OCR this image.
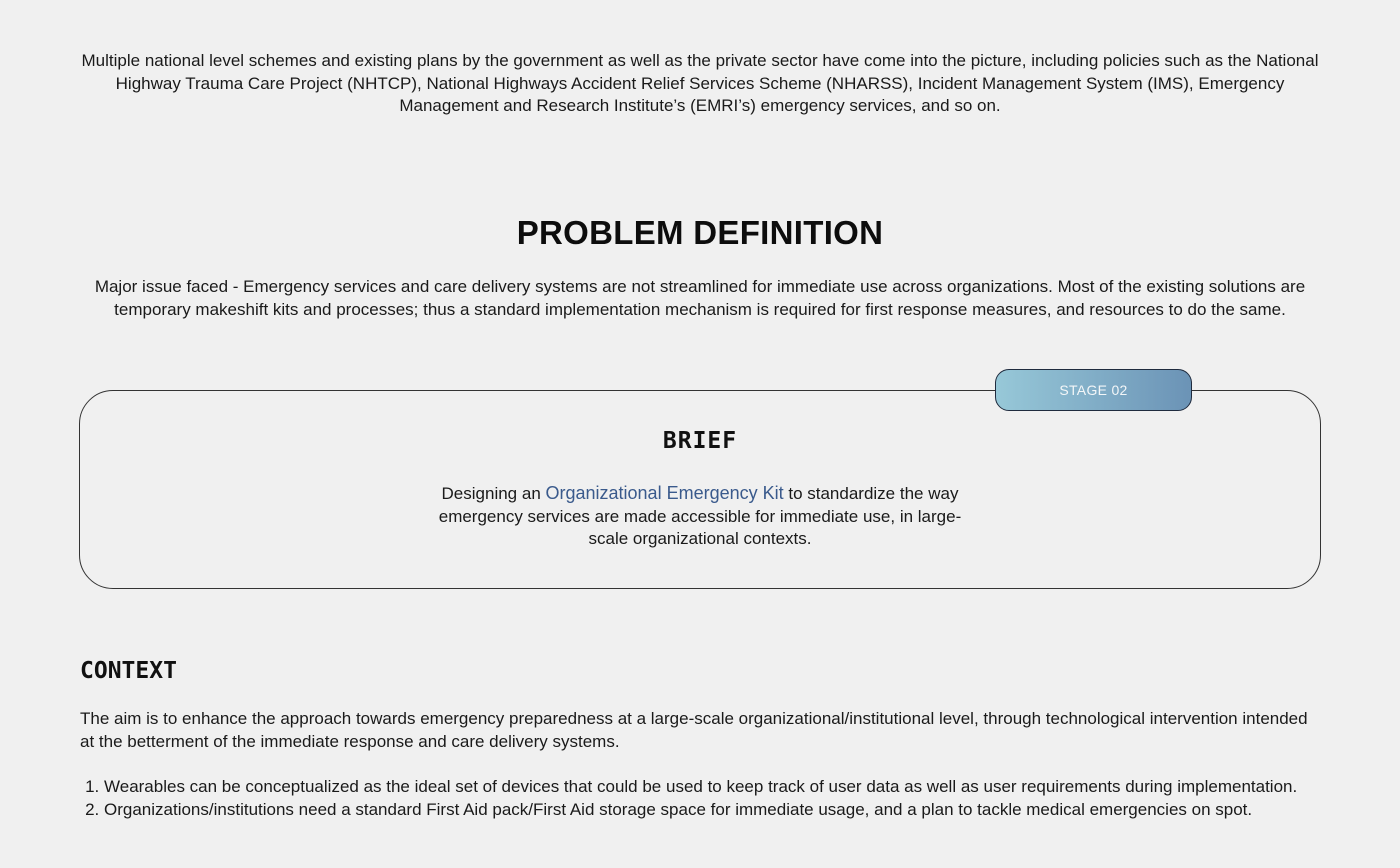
Multiple national level schemes and existing plans by the government as well as the private sector have come into the picture, including policies such as the National Highway Trauma Care Project (NHTCP), National Highways Accident Relief Services Scheme (NHARSS), Incident Management System (IMS), Emergency Management and Research Institute’s (EMRI’s) emergency services, and so on.

PROBLEM DEFINITION

Major issue faced - Emergency services and care delivery systems are not streamlined for immediate use across organizations. Most of the existing solutions are temporary makeshift kits and processes; thus a standard implementation mechanism is required for first response measures, and resources to do the same.

STAGE 02
BRIEF

Designing an Organizational Emergency Kit to standardize the way emergency services are made accessible for immediate use, in large-scale organizational contexts.

CONTEXT

The aim is to enhance the approach towards emergency preparedness at a large-scale organizational/institutional level, through technological intervention intended at the betterment of the immediate response and care delivery systems.

1. Wearables can be conceptualized as the ideal set of devices that could be used to keep track of user data as well as user requirements during implementation.
2. Organizations/institutions need a standard First Aid pack/First Aid storage space for immediate usage, and a plan to tackle medical emergencies on spot.
